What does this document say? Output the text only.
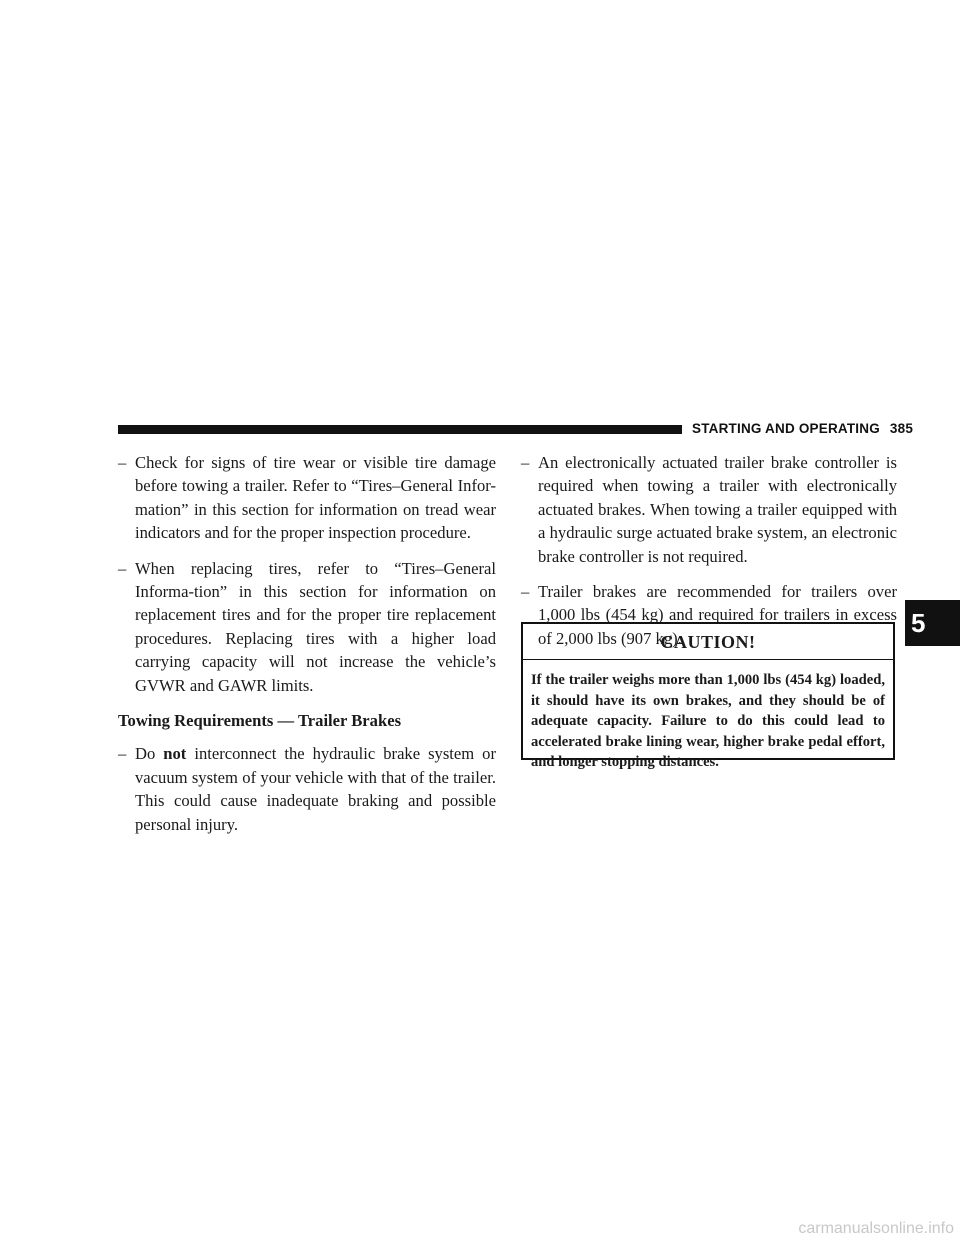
STARTING AND OPERATING 385

– Check for signs of tire wear or visible tire damage before towing a trailer. Refer to “Tires–General Infor-mation” in this section for information on tread wear indicators and for the proper inspection procedure.

– When replacing tires, refer to “Tires–General Informa-tion” in this section for information on replacement tires and for the proper tire replacement procedures. Replacing tires with a higher load carrying capacity will not increase the vehicle’s GVWR and GAWR limits.

Towing Requirements — Trailer Brakes

– Do not interconnect the hydraulic brake system or vacuum system of your vehicle with that of the trailer. This could cause inadequate braking and possible personal injury.

– An electronically actuated trailer brake controller is required when towing a trailer with electronically actuated brakes. When towing a trailer equipped with a hydraulic surge actuated brake system, an electronic brake controller is not required.

– Trailer brakes are recommended for trailers over 1,000 lbs (454 kg) and required for trailers in excess of 2,000 lbs (907 kg).

CAUTION!
If the trailer weighs more than 1,000 lbs (454 kg) loaded, it should have its own brakes, and they should be of adequate capacity. Failure to do this could lead to accelerated brake lining wear, higher brake pedal effort, and longer stopping distances.
5
carmanualsonline.info
